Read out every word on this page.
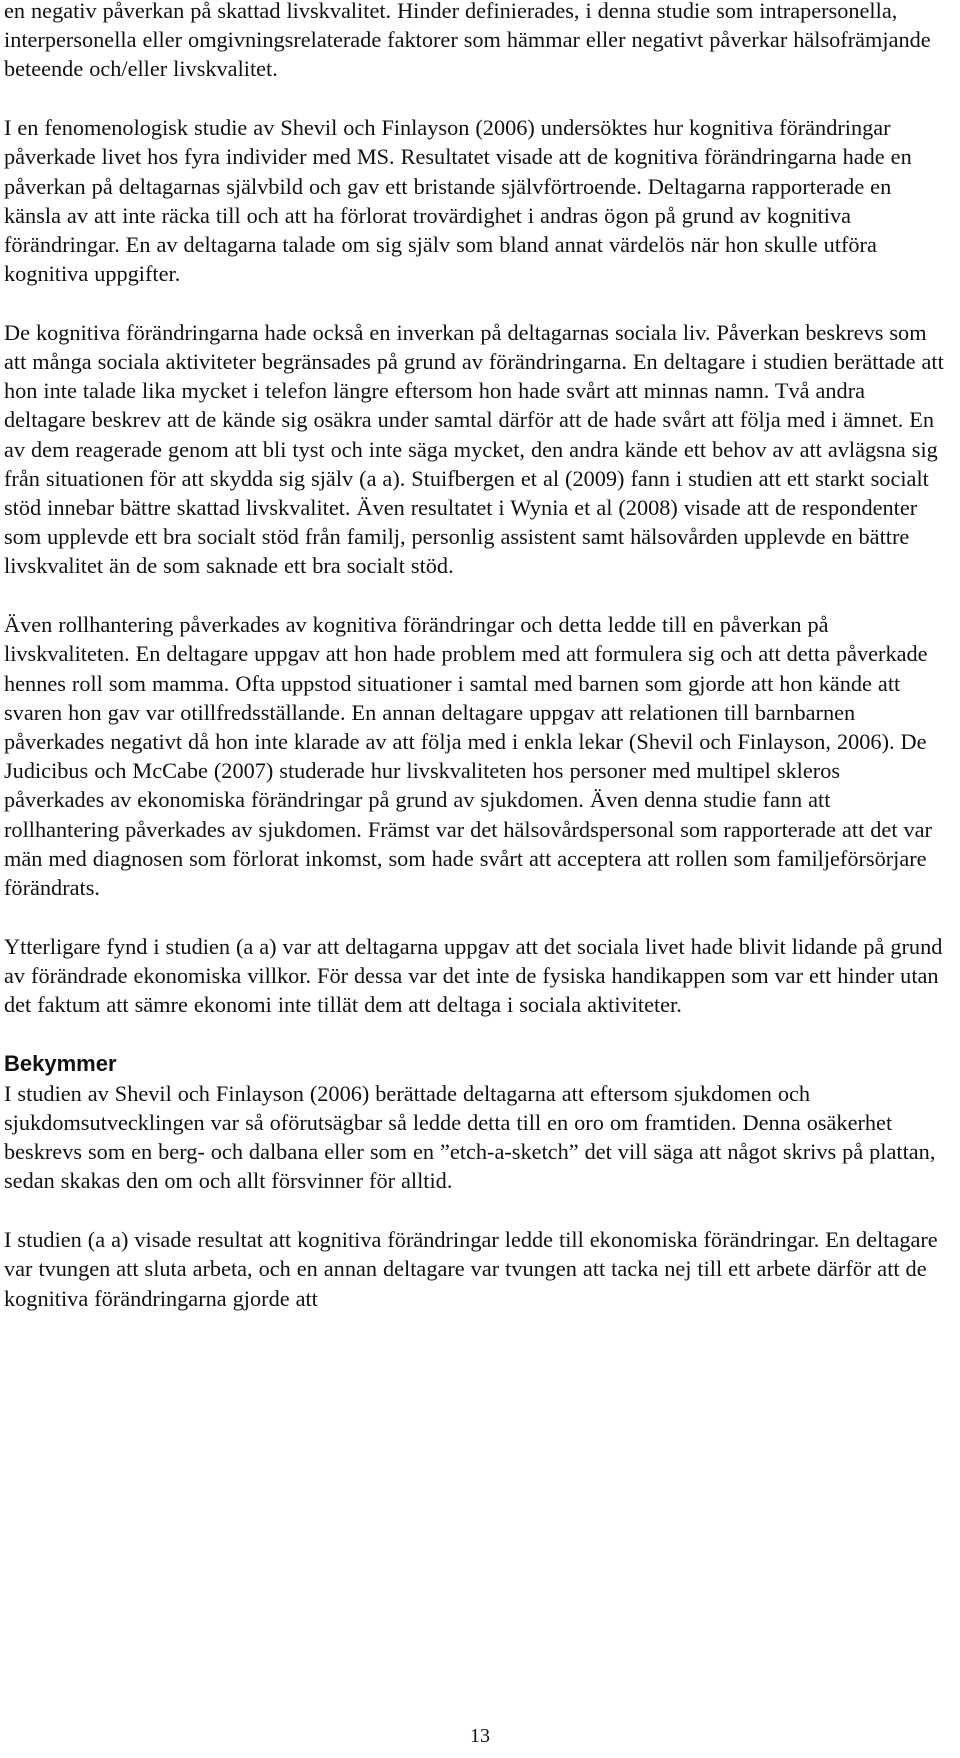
en negativ påverkan på skattad livskvalitet. Hinder definierades, i denna studie som intrapersonella, interpersonella eller omgivningsrelaterade faktorer som hämmar eller negativt påverkar hälsofrämjande beteende och/eller livskvalitet.

I en fenomenologisk studie av Shevil och Finlayson (2006) undersöktes hur kognitiva förändringar påverkade livet hos fyra individer med MS. Resultatet visade att de kognitiva förändringarna hade en påverkan på deltagarnas självbild och gav ett bristande självförtroende. Deltagarna rapporterade en känsla av att inte räcka till och att ha förlorat trovärdighet i andras ögon på grund av kognitiva förändringar. En av deltagarna talade om sig själv som bland annat värdelös när hon skulle utföra kognitiva uppgifter.

De kognitiva förändringarna hade också en inverkan på deltagarnas sociala liv. Påverkan beskrevs som att många sociala aktiviteter begränsades på grund av förändringarna. En deltagare i studien berättade att hon inte talade lika mycket i telefon längre eftersom hon hade svårt att minnas namn. Två andra deltagare beskrev att de kände sig osäkra under samtal därför att de hade svårt att följa med i ämnet. En av dem reagerade genom att bli tyst och inte säga mycket, den andra kände ett behov av att avlägsna sig från situationen för att skydda sig själv (a a). Stuifbergen et al (2009) fann i studien att ett starkt socialt stöd innebar bättre skattad livskvalitet. Även resultatet i Wynia et al (2008) visade att de respondenter som upplevde ett bra socialt stöd från familj, personlig assistent samt hälsovården upplevde en bättre livskvalitet än de som saknade ett bra socialt stöd.

Även rollhantering påverkades av kognitiva förändringar och detta ledde till en påverkan på livskvaliteten. En deltagare uppgav att hon hade problem med att formulera sig och att detta påverkade hennes roll som mamma. Ofta uppstod situationer i samtal med barnen som gjorde att hon kände att svaren hon gav var otillfredsställande. En annan deltagare uppgav att relationen till barnbarnen påverkades negativt då hon inte klarade av att följa med i enkla lekar (Shevil och Finlayson, 2006). De Judicibus och McCabe (2007) studerade hur livskvaliteten hos personer med multipel skleros påverkades av ekonomiska förändringar på grund av sjukdomen. Även denna studie fann att rollhantering påverkades av sjukdomen. Främst var det hälsovårdspersonal som rapporterade att det var män med diagnosen som förlorat inkomst, som hade svårt att acceptera att rollen som familjeförsörjare förändrats.

Ytterligare fynd i studien (a a) var att deltagarna uppgav att det sociala livet hade blivit lidande på grund av förändrade ekonomiska villkor. För dessa var det inte de fysiska handikappen som var ett hinder utan det faktum att sämre ekonomi inte tillät dem att deltaga i sociala aktiviteter.

Bekymmer

I studien av Shevil och Finlayson (2006) berättade deltagarna att eftersom sjukdomen och sjukdomsutvecklingen var så oförutsägbar så ledde detta till en oro om framtiden. Denna osäkerhet beskrevs som en berg- och dalbana eller som en ”etch-a-sketch” det vill säga att något skrivs på plattan, sedan skakas den om och allt försvinner för alltid.

I studien (a a) visade resultat att kognitiva förändringar ledde till ekonomiska förändringar. En deltagare var tvungen att sluta arbeta, och en annan deltagare var tvungen att tacka nej till ett arbete därför att de kognitiva förändringarna gjorde att

13
